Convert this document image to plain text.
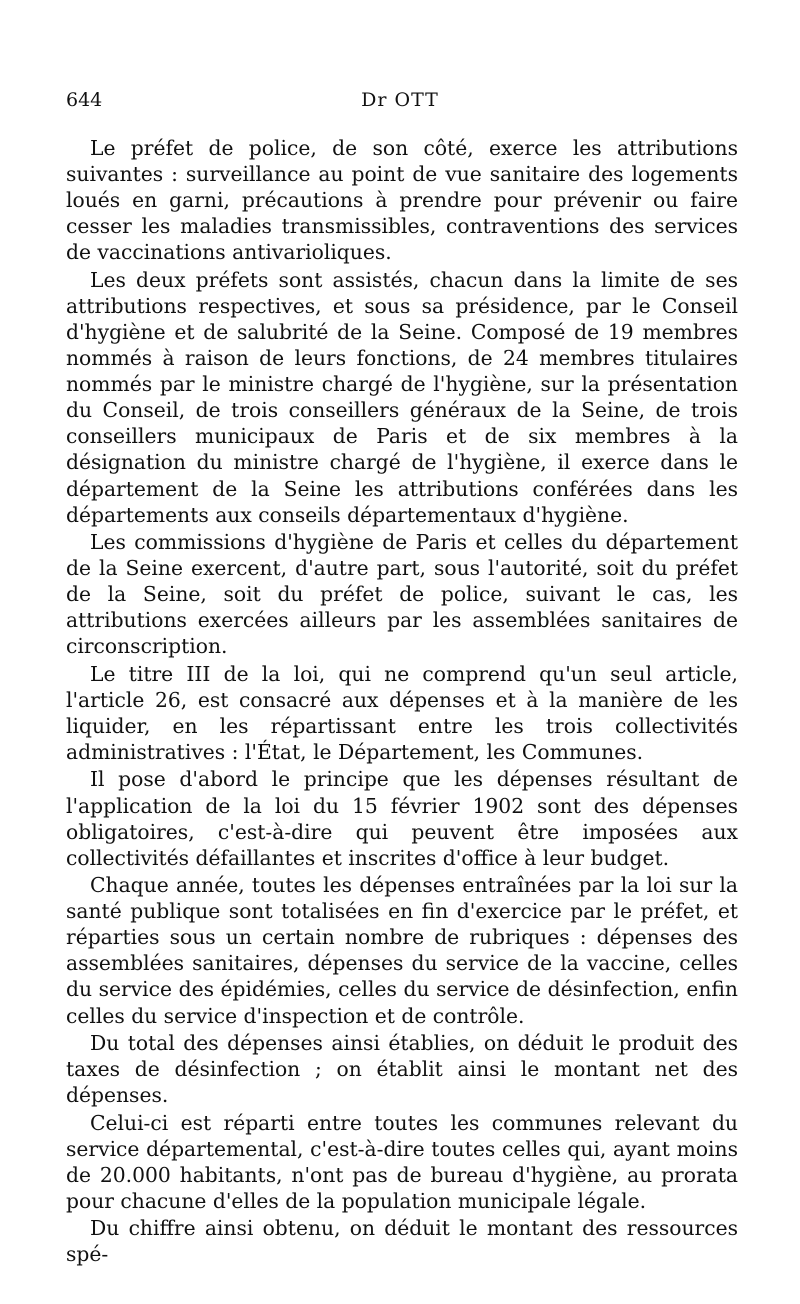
644	Dr OTT

Le préfet de police, de son côté, exerce les attributions suivantes : surveillance au point de vue sanitaire des logements loués en garni, précautions à prendre pour prévenir ou faire cesser les maladies transmissibles, contraventions des services de vaccinations antivarioliques.

Les deux préfets sont assistés, chacun dans la limite de ses attributions respectives, et sous sa présidence, par le Conseil d'hygiène et de salubrité de la Seine. Composé de 19 membres nommés à raison de leurs fonctions, de 24 membres titulaires nommés par le ministre chargé de l'hygiène, sur la présentation du Conseil, de trois conseillers généraux de la Seine, de trois conseillers municipaux de Paris et de six membres à la désignation du ministre chargé de l'hygiène, il exerce dans le département de la Seine les attributions conférées dans les départements aux conseils départementaux d'hygiène.

Les commissions d'hygiène de Paris et celles du département de la Seine exercent, d'autre part, sous l'autorité, soit du préfet de la Seine, soit du préfet de police, suivant le cas, les attributions exercées ailleurs par les assemblées sanitaires de circonscription.

Le titre III de la loi, qui ne comprend qu'un seul article, l'article 26, est consacré aux dépenses et à la manière de les liquider, en les répartissant entre les trois collectivités administratives : l'État, le Département, les Communes.

Il pose d'abord le principe que les dépenses résultant de l'application de la loi du 15 février 1902 sont des dépenses obligatoires, c'est-à-dire qui peuvent être imposées aux collectivités défaillantes et inscrites d'office à leur budget.

Chaque année, toutes les dépenses entraînées par la loi sur la santé publique sont totalisées en fin d'exercice par le préfet, et réparties sous un certain nombre de rubriques : dépenses des assemblées sanitaires, dépenses du service de la vaccine, celles du service des épidémies, celles du service de désinfection, enfin celles du service d'inspection et de contrôle.

Du total des dépenses ainsi établies, on déduit le produit des taxes de désinfection ; on établit ainsi le montant net des dépenses.

Celui-ci est réparti entre toutes les communes relevant du service départemental, c'est-à-dire toutes celles qui, ayant moins de 20.000 habitants, n'ont pas de bureau d'hygiène, au prorata pour chacune d'elles de la population municipale légale.

Du chiffre ainsi obtenu, on déduit le montant des ressources spé-
